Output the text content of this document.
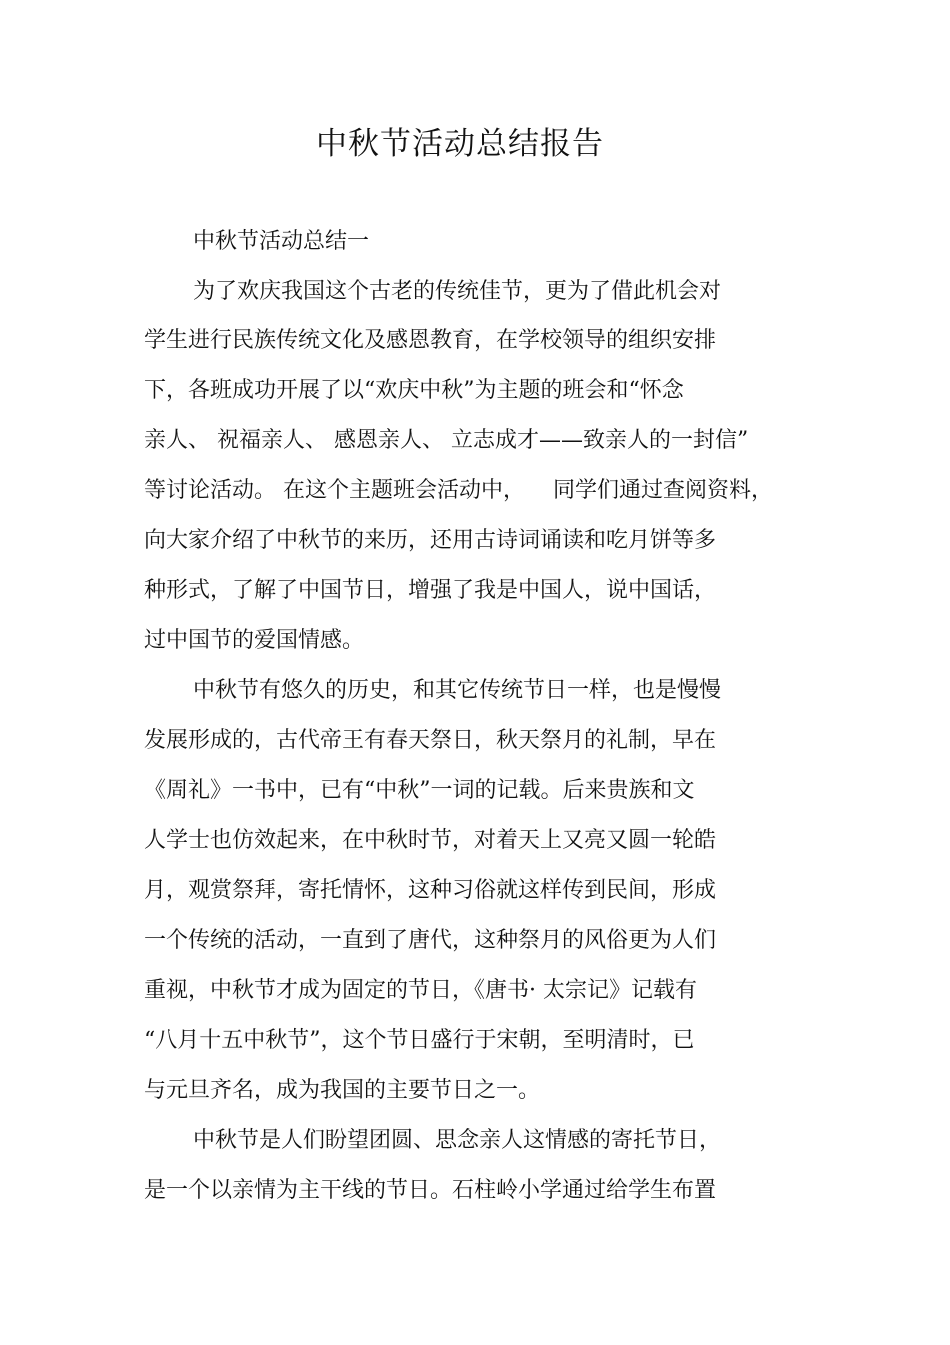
中秋节活动总结报告
中秋节活动总结一
为了欢庆我国这个古老的传统佳节，更为了借此机会对
学生进行民族传统文化及感恩教育，在学校领导的组织安排
下，各班成功开展了以“欢庆中秋”为主题的班会和“怀念
亲人、 祝福亲人、 感恩亲人、 立志成才——致亲人的一封信”
等讨论活动。 在这个主题班会活动中，    同学们通过查阅资料，
向大家介绍了中秋节的来历，还用古诗词诵读和吃月饼等多
种形式，了解了中国节日，增强了我是中国人，说中国话，
过中国节的爱国情感。
中秋节有悠久的历史，和其它传统节日一样，也是慢慢
发展形成的，古代帝王有春天祭日，秋天祭月的礼制，早在
《周礼》一书中，已有“中秋”一词的记载。后来贵族和文
人学士也仿效起来，在中秋时节，对着天上又亮又圆一轮皓
月，观赏祭拜，寄托情怀，这种习俗就这样传到民间，形成
一个传统的活动，一直到了唐代，这种祭月的风俗更为人们
重视，中秋节才成为固定的节日，《唐书· 太宗记》记载有
“八月十五中秋节”，这个节日盛行于宋朝，至明清时，已
与元旦齐名，成为我国的主要节日之一。
中秋节是人们盼望团圆、思念亲人这情感的寄托节日，
是一个以亲情为主干线的节日。石柱岭小学通过给学生布置
